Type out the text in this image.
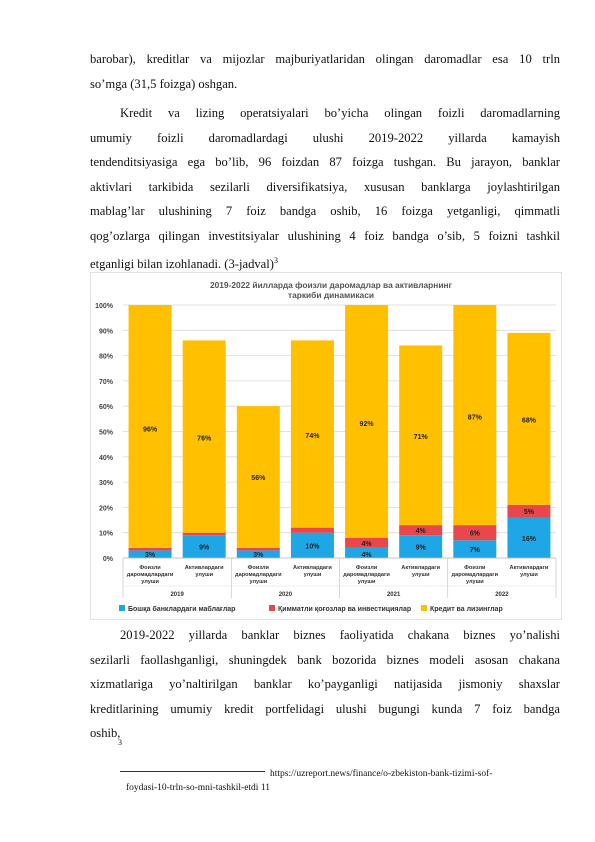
barobar), kreditlar va mijozlar majburiyatlaridan olingan daromadlar esa 10 trln
so’mga (31,5 foizga) oshgan.
Kredit va lizing operatsiyalari bo’yicha olingan foizli daromadlarning
umumiy foizli daromadlardagi ulushi 2019-2022 yillarda kamayish
tendenditsiyasiga ega bo’lib, 96 foizdan 87 foizga tushgan. Bu jarayon, banklar
aktivlari tarkibida sezilarli diversifikatsiya, xususan banklarga joylashtirilgan
mablag’lar ulushining 7 foiz bandga oshib, 16 foizga yetganligi, qimmatli
qog’ozlarga qilingan investitsiyalar ulushining 4 foiz bandga o’sib, 5 foizni tashkil
etganligi bilan izohlanadi. (3-jadval)$^3$
2019-2022 йилларда фоизли даромадлар ва активларнинг
таркиби динамикаси
0%
10%
20%
30%
40%
50%
60%
70%
80%
90%
100%
3%
96%
Фоизли
даромадлардаги
улуши
9%
76%
Активлардаги
улуши
3%
56%
Фоизли
даромадлардаги
улуши
10%
74%
Активлардаги
улуши
4%
4%
92%
Фоизли
даромадлардаги
улуши
9%
4%
71%
Активлардаги
улуши
7%
6%
87%
Фоизли
даромадлардаги
улуши
16%
5%
68%
Активлардаги
улуши
2019	2020	2021	2022
Бошқа банклардаги маблағлар	Қимматли қоғозлар ва инвестициялар	Кредит ва лизинглар
2019-2022 yillarda banklar biznes faoliyatida chakana biznes yo’nalishi
sezilarli faollashganligi, shuningdek bank bozorida biznes modeli asosan chakana
xizmatlariga yo’naltirilgan banklar ko’payganligi natijasida jismoniy shaxslar
kreditlarining umumiy kredit portfelidagi ulushi bugungi kunda 7 foiz bandga
oshib,
3
https://uzreport.news/finance/o-zbekiston-bank-tizimi-sof-
foydasi-10-trln-so-mni-tashkil-etdi 11
